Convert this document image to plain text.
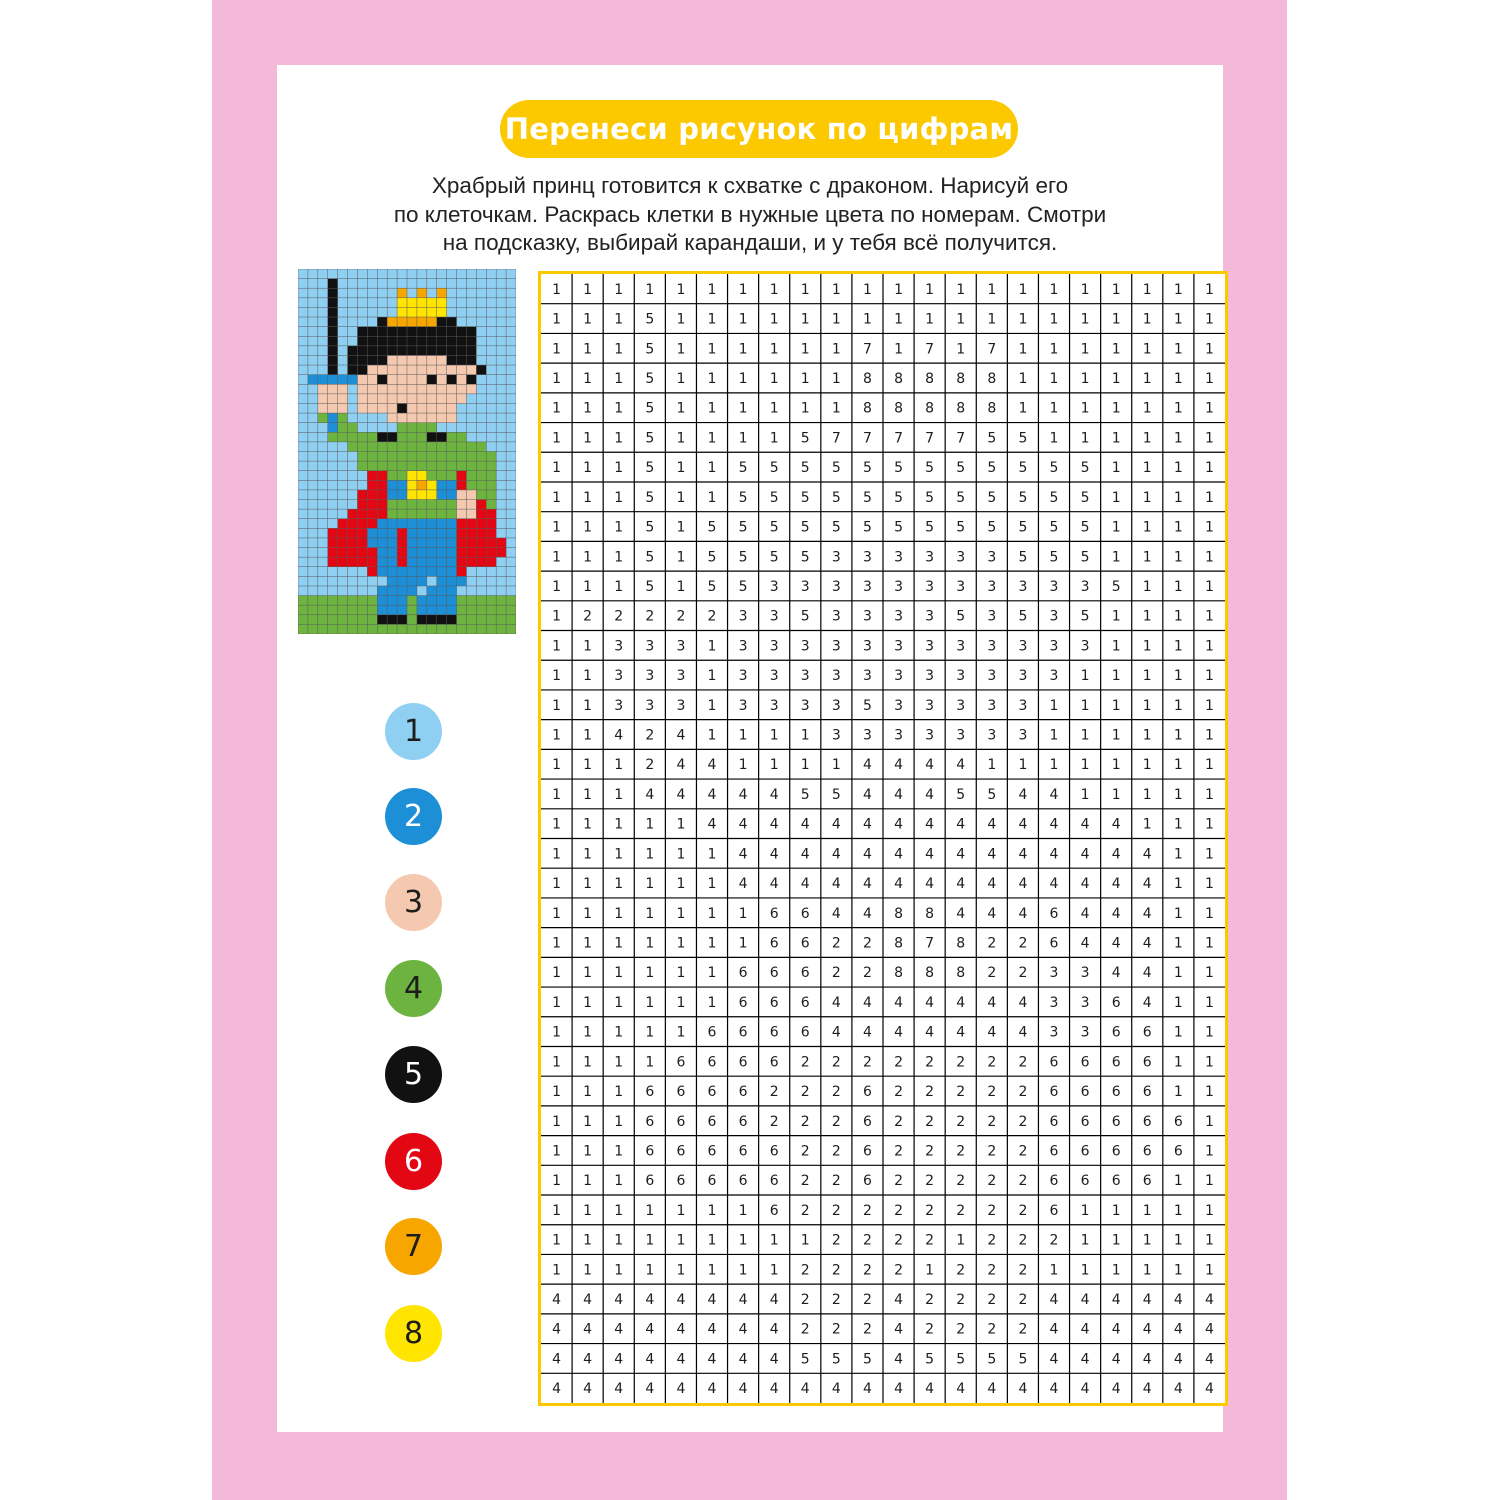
Перенеси рисунок по цифрам
Храбрый принц готовится к схватке с драконом. Нарисуй его
по клеточкам. Раскрась клетки в нужные цвета по номерам. Смотри
на подсказку, выбирай карандаши, и у тебя всё получится.
1
2
3
4
5
6
7
8
1 1 1 1 1 1 1 1 1 1 1 1 1 1 1 1 1 1 1 1 1 1
1 1 1 5 1 1 1 1 1 1 1 1 1 1 1 1 1 1 1 1 1 1
1 1 1 5 1 1 1 1 1 1 7 1 7 1 7 1 1 1 1 1 1 1
1 1 1 5 1 1 1 1 1 1 8 8 8 8 8 1 1 1 1 1 1 1
1 1 1 5 1 1 1 1 1 1 8 8 8 8 8 1 1 1 1 1 1 1
1 1 1 5 1 1 1 1 5 7 7 7 7 7 5 5 1 1 1 1 1 1
1 1 1 5 1 1 5 5 5 5 5 5 5 5 5 5 5 5 1 1 1 1
1 1 1 5 1 1 5 5 5 5 5 5 5 5 5 5 5 5 1 1 1 1
1 1 1 5 1 5 5 5 5 5 5 5 5 5 5 5 5 5 1 1 1 1
1 1 1 5 1 5 5 5 5 3 3 3 3 3 3 5 5 5 1 1 1 1
1 1 1 5 1 5 5 3 3 3 3 3 3 3 3 3 3 3 5 1 1 1
1 2 2 2 2 2 3 3 5 3 3 3 3 5 3 5 3 5 1 1 1 1
1 1 3 3 3 1 3 3 3 3 3 3 3 3 3 3 3 3 1 1 1 1
1 1 3 3 3 1 3 3 3 3 3 3 3 3 3 3 3 1 1 1 1 1
1 1 3 3 3 1 3 3 3 3 5 3 3 3 3 3 1 1 1 1 1 1
1 1 4 2 4 1 1 1 1 3 3 3 3 3 3 3 1 1 1 1 1 1
1 1 1 2 4 4 1 1 1 1 4 4 4 4 1 1 1 1 1 1 1 1
1 1 1 4 4 4 4 4 5 5 4 4 4 5 5 4 4 1 1 1 1 1
1 1 1 1 1 4 4 4 4 4 4 4 4 4 4 4 4 4 4 1 1 1
1 1 1 1 1 1 4 4 4 4 4 4 4 4 4 4 4 4 4 4 1 1
1 1 1 1 1 1 4 4 4 4 4 4 4 4 4 4 4 4 4 4 1 1
1 1 1 1 1 1 1 6 6 4 4 8 8 4 4 4 6 4 4 4 1 1
1 1 1 1 1 1 1 6 6 2 2 8 7 8 2 2 6 4 4 4 1 1
1 1 1 1 1 1 6 6 6 2 2 8 8 8 2 2 3 3 4 4 1 1
1 1 1 1 1 1 6 6 6 4 4 4 4 4 4 4 3 3 6 4 1 1
1 1 1 1 1 6 6 6 6 4 4 4 4 4 4 4 3 3 6 6 1 1
1 1 1 1 6 6 6 6 2 2 2 2 2 2 2 2 6 6 6 6 1 1
1 1 1 6 6 6 6 2 2 2 6 2 2 2 2 2 6 6 6 6 1 1
1 1 1 6 6 6 6 2 2 2 6 2 2 2 2 2 6 6 6 6 6 1
1 1 1 6 6 6 6 6 2 2 6 2 2 2 2 2 6 6 6 6 6 1
1 1 1 6 6 6 6 6 2 2 6 2 2 2 2 2 6 6 6 6 1 1
1 1 1 1 1 1 1 6 2 2 2 2 2 2 2 2 6 1 1 1 1 1
1 1 1 1 1 1 1 1 1 2 2 2 2 1 2 2 2 1 1 1 1 1
1 1 1 1 1 1 1 1 2 2 2 2 1 2 2 2 1 1 1 1 1 1
4 4 4 4 4 4 4 4 2 2 2 4 2 2 2 2 4 4 4 4 4 4
4 4 4 4 4 4 4 4 2 2 2 4 2 2 2 2 4 4 4 4 4 4
4 4 4 4 4 4 4 4 5 5 5 4 5 5 5 5 4 4 4 4 4 4
4 4 4 4 4 4 4 4 4 4 4 4 4 4 4 4 4 4 4 4 4 4
